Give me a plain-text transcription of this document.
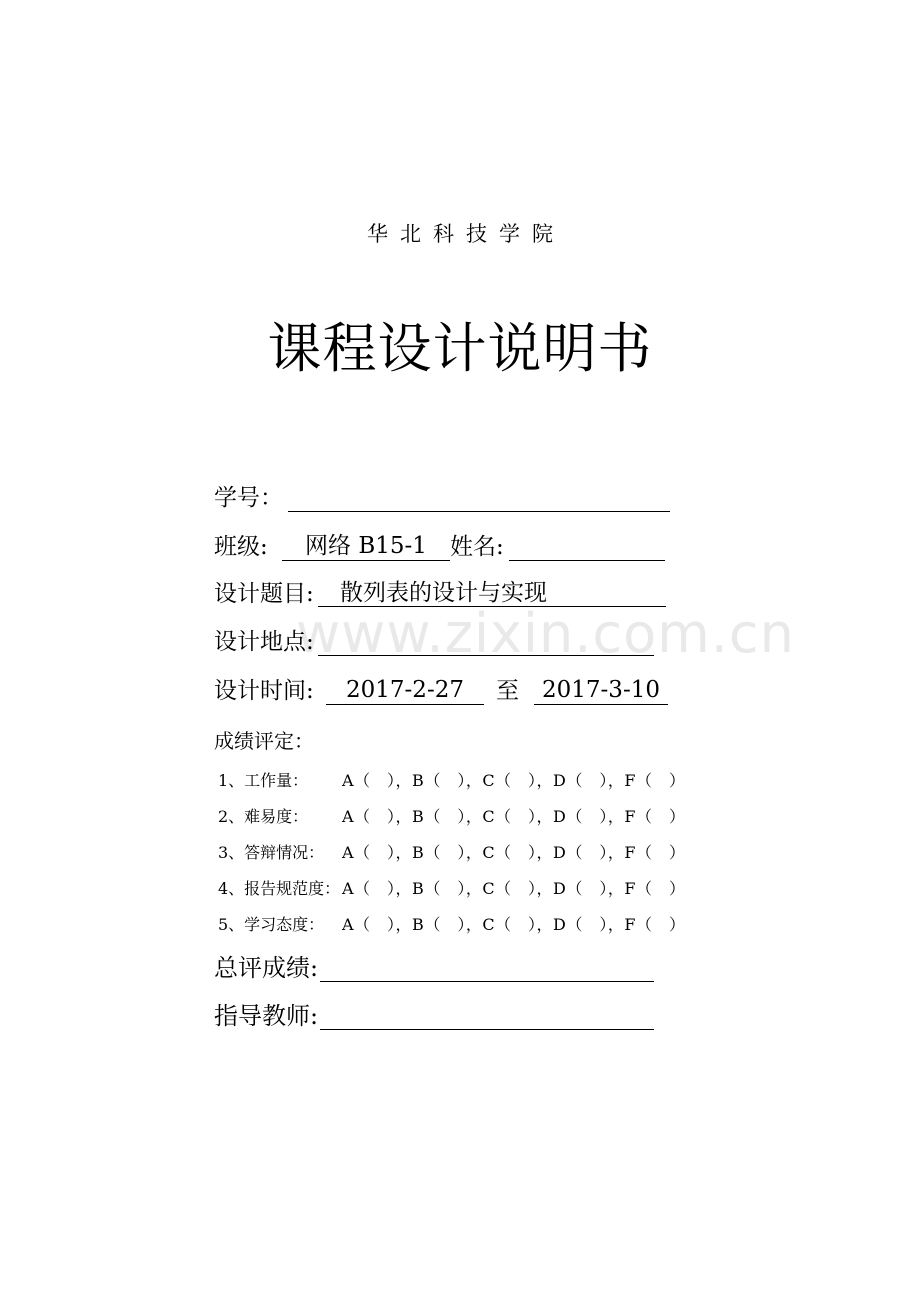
华北科技学院
课程设计说明书
www.zixin.com.cn
学号：
班级:	网络 B15-1	姓名:
设计题目:	散列表的设计与实现
设计地点:
设计时间:	2017-2-27	至	2017-3-10
成绩评定：
1、工作量： A（　），B（　），C（　），D（　），F（　）
2、难易度： A（　），B（　），C（　），D（　），F（　）
3、答辩情况： A（　），B（　），C（　），D（　），F（　）
4、报告规范度： A（　），B（　），C（　），D（　），F（　）
5、学习态度： A（　），B（　），C（　），D（　），F（　）
总评成绩:
指导教师:
